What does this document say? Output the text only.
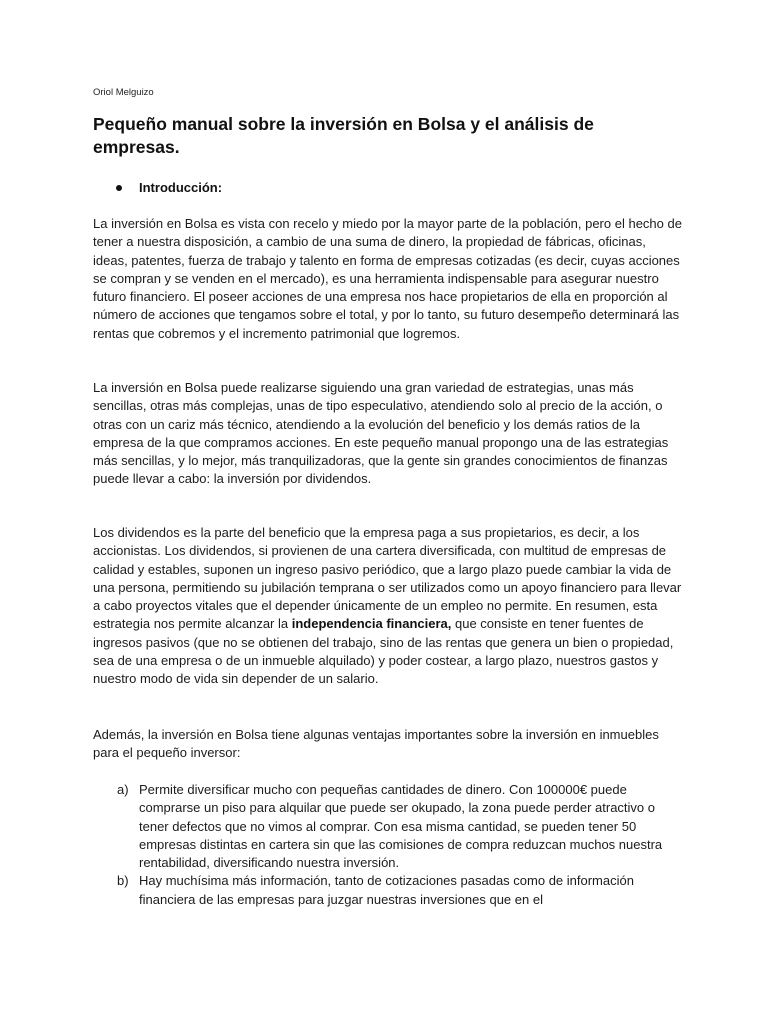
Oriol Melguizo
Pequeño manual sobre la inversión en Bolsa y el análisis de empresas.
Introducción:

La inversión en Bolsa es vista con recelo y miedo por la mayor parte de la población, pero el hecho de tener a nuestra disposición, a cambio de una suma de dinero, la propiedad de fábricas, oficinas, ideas, patentes, fuerza de trabajo y talento en forma de empresas cotizadas (es decir, cuyas acciones se compran y se venden en el mercado), es una herramienta indispensable para asegurar nuestro futuro financiero. El poseer acciones de una empresa nos hace propietarios de ella en proporción al número de acciones que tengamos sobre el total, y por lo tanto, su futuro desempeño determinará las rentas que cobremos y el incremento patrimonial que logremos.

La inversión en Bolsa puede realizarse siguiendo una gran variedad de estrategias, unas más sencillas, otras más complejas, unas de tipo especulativo, atendiendo solo al precio de la acción, o otras con un cariz más técnico, atendiendo a la evolución del beneficio y los demás ratios de la empresa de la que compramos acciones. En este pequeño manual propongo una de las estrategias más sencillas, y lo mejor, más tranquilizadoras, que la gente sin grandes conocimientos de finanzas puede llevar a cabo: la inversión por dividendos.

Los dividendos es la parte del beneficio que la empresa paga a sus propietarios, es decir, a los accionistas. Los dividendos, si provienen de una cartera diversificada, con multitud de empresas de calidad y estables, suponen un ingreso pasivo periódico, que a largo plazo puede cambiar la vida de una persona, permitiendo su jubilación temprana o ser utilizados como un apoyo financiero para llevar a cabo proyectos vitales que el depender únicamente de un empleo no permite. En resumen, esta estrategia nos permite alcanzar la independencia financiera, que consiste en tener fuentes de ingresos pasivos (que no se obtienen del trabajo, sino de las rentas que genera un bien o propiedad, sea de una empresa o de un inmueble alquilado) y poder costear, a largo plazo, nuestros gastos y nuestro modo de vida sin depender de un salario.

Además, la inversión en Bolsa tiene algunas ventajas importantes sobre la inversión en inmuebles para el pequeño inversor:

a) Permite diversificar mucho con pequeñas cantidades de dinero. Con 100000€ puede comprarse un piso para alquilar que puede ser okupado, la zona puede perder atractivo o tener defectos que no vimos al comprar. Con esa misma cantidad, se pueden tener 50 empresas distintas en cartera sin que las comisiones de compra reduzcan muchos nuestra rentabilidad, diversificando nuestra inversión.
b) Hay muchísima más información, tanto de cotizaciones pasadas como de información financiera de las empresas para juzgar nuestras inversiones que en el
